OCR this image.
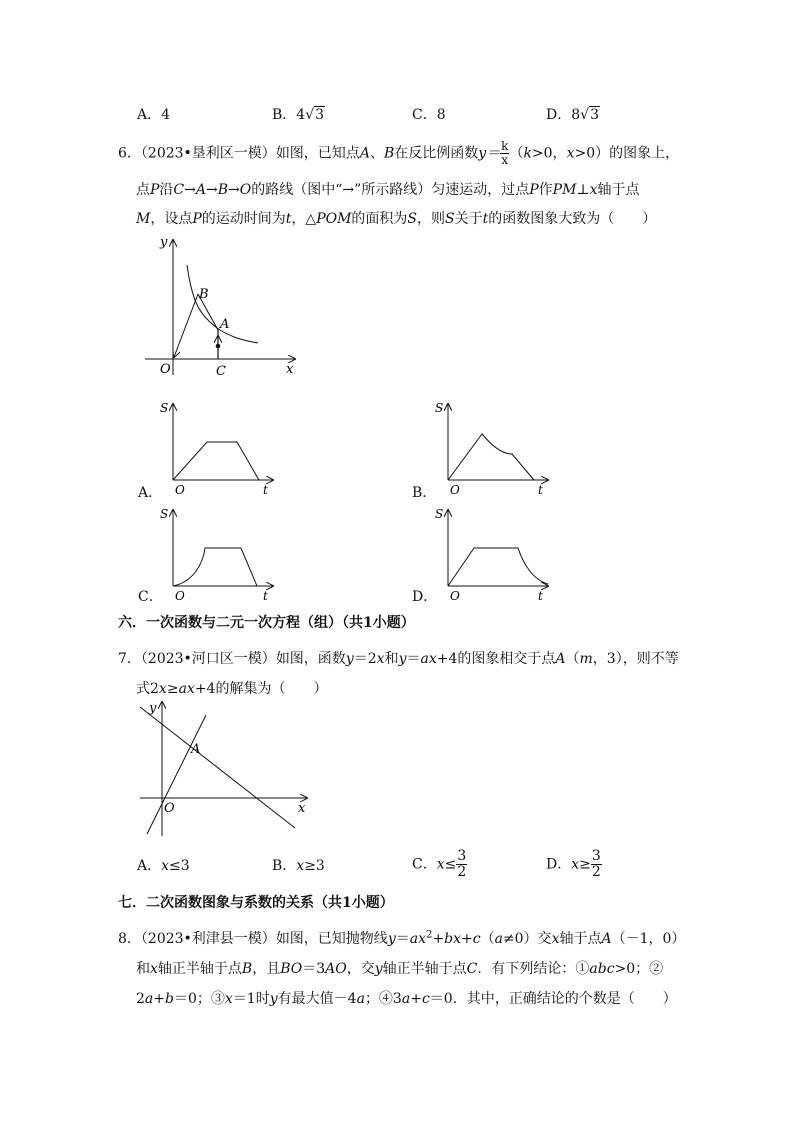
A．4	B．4√3	C．8	D．8√3
6．（2023•垦利区一模）如图，已知点A、B在反比例函数$y= \frac{k}{x} (k>0$，x>0）的图象上，
点P沿C→A→B→O的路线（图中“→”所示路线）匀速运动，过点P作PM⊥x轴于点
M，设点P的运动时间为t，△POM的面积为S，则S关于t的函数图象大致为（　　）
y
x
O
B
A
C
A．
S
O	t	B．
S
O	t
C．
S
O	t	D．
S
O	t
六．一次函数与二元一次方程（组）（共1小题）
7．（2023•河口区一模）如图，函数y＝2x和y＝ax+4的图象相交于点A（m，3），则不等
式2x≥ax+4的解集为（　　）
y
x
O
A
A．x≤3	B．x≥3	C．$x\le \frac{3}{2}$	D．$x\ge \frac{3}{2}$
七．二次函数图象与系数的关系（共1小题）
8．（2023•利津县一模）如图，已知抛物线$y=ax^2+bx+c(a\ne 0)$交x轴于点A（－1，0）
和x轴正半轴于点B，且BO＝3AO，交y轴正半轴于点C．有下列结论：①abc>0；②
2a+b＝0；③x＝1时y有最大值－4a；④3a+c＝0．其中，正确结论的个数是（　　）
